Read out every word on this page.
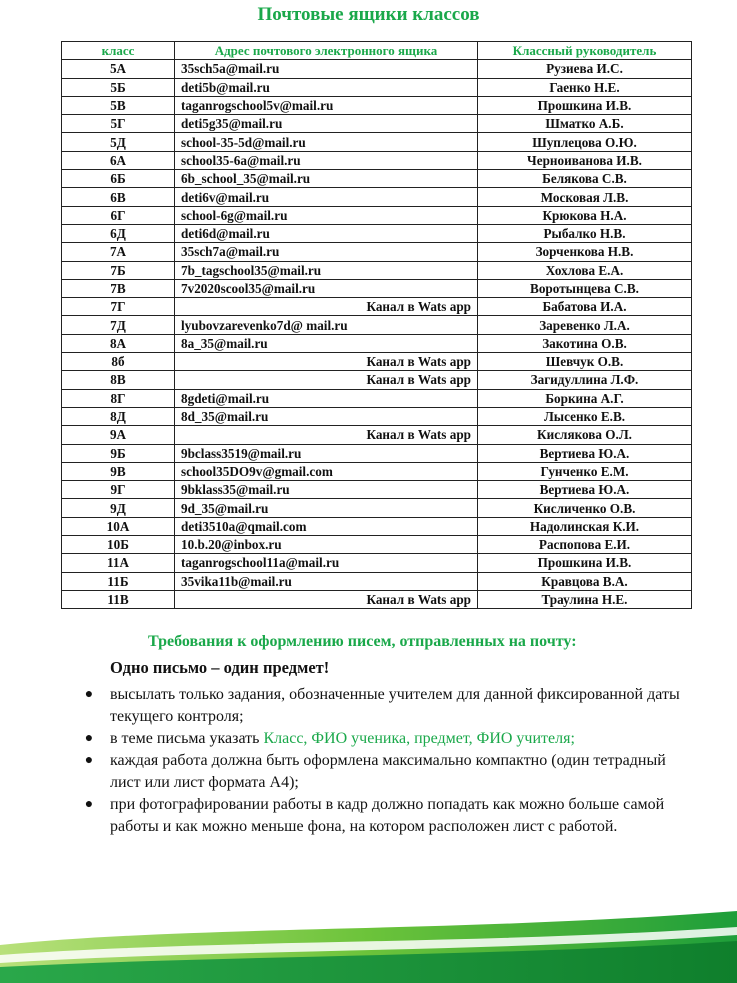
Почтовые ящики классов
класс	Адрес почтового электронного ящика	Классный руководитель
5А	35sch5a@mail.ru	Рузиева И.С.
5Б	deti5b@mail.ru	Гаенко Н.Е.
5В	taganrogschool5v@mail.ru	Прошкина И.В.
5Г	deti5g35@mail.ru	Шматко А.Б.
5Д	school-35-5d@mail.ru	Шуплецова О.Ю.
6А	school35-6a@mail.ru	Черноиванова И.В.
6Б	6b_school_35@mail.ru	Белякова С.В.
6В	deti6v@mail.ru	Московая Л.В.
6Г	school-6g@mail.ru	Крюкова Н.А.
6Д	deti6d@mail.ru	Рыбалко Н.В.
7А	35sch7a@mail.ru	Зорченкова Н.В.
7Б	7b_tagschool35@mail.ru	Хохлова Е.А.
7В	7v2020scool35@mail.ru	Воротынцева С.В.
7Г	Канал в Wats app	Бабатова И.А.
7Д	lyubovzarevenko7d@ mail.ru	Заревенко Л.А.
8А	8a_35@mail.ru	Закотина О.В.
8б	Канал в Wats app	Шевчук О.В.
8В	Канал в Wats app	Загидуллина Л.Ф.
8Г	8gdeti@mail.ru	Боркина А.Г.
8Д	8d_35@mail.ru	Лысенко Е.В.
9А	Канал в Wats app	Кислякова О.Л.
9Б	9bclass3519@mail.ru	Вертиева Ю.А.
9В	school35DO9v@gmail.com	Гунченко Е.М.
9Г	9bklass35@mail.ru	Вертиева Ю.А.
9Д	9d_35@mail.ru	Кисличенко О.В.
10А	deti3510a@qmail.com	Надолинская К.И.
10Б	10.b.20@inbox.ru	Распопова Е.И.
11А	taganrogschool11a@mail.ru	Прошкина И.В.
11Б	35vika11b@mail.ru	Кравцова В.А.
11В	Канал в Wats app	Траулина Н.Е.
Требования к оформлению писем, отправленных на почту:
Одно письмо – один предмет!
● высылать только задания, обозначенные учителем для данной фиксированной даты текущего контроля;
● в теме письма указать Класс, ФИО ученика, предмет, ФИО учителя;
● каждая работа должна быть оформлена максимально компактно (один тетрадный лист или лист формата А4);
● при фотографировании работы в кадр должно попадать как можно больше самой работы и как можно меньше фона, на котором расположен лист с работой.
